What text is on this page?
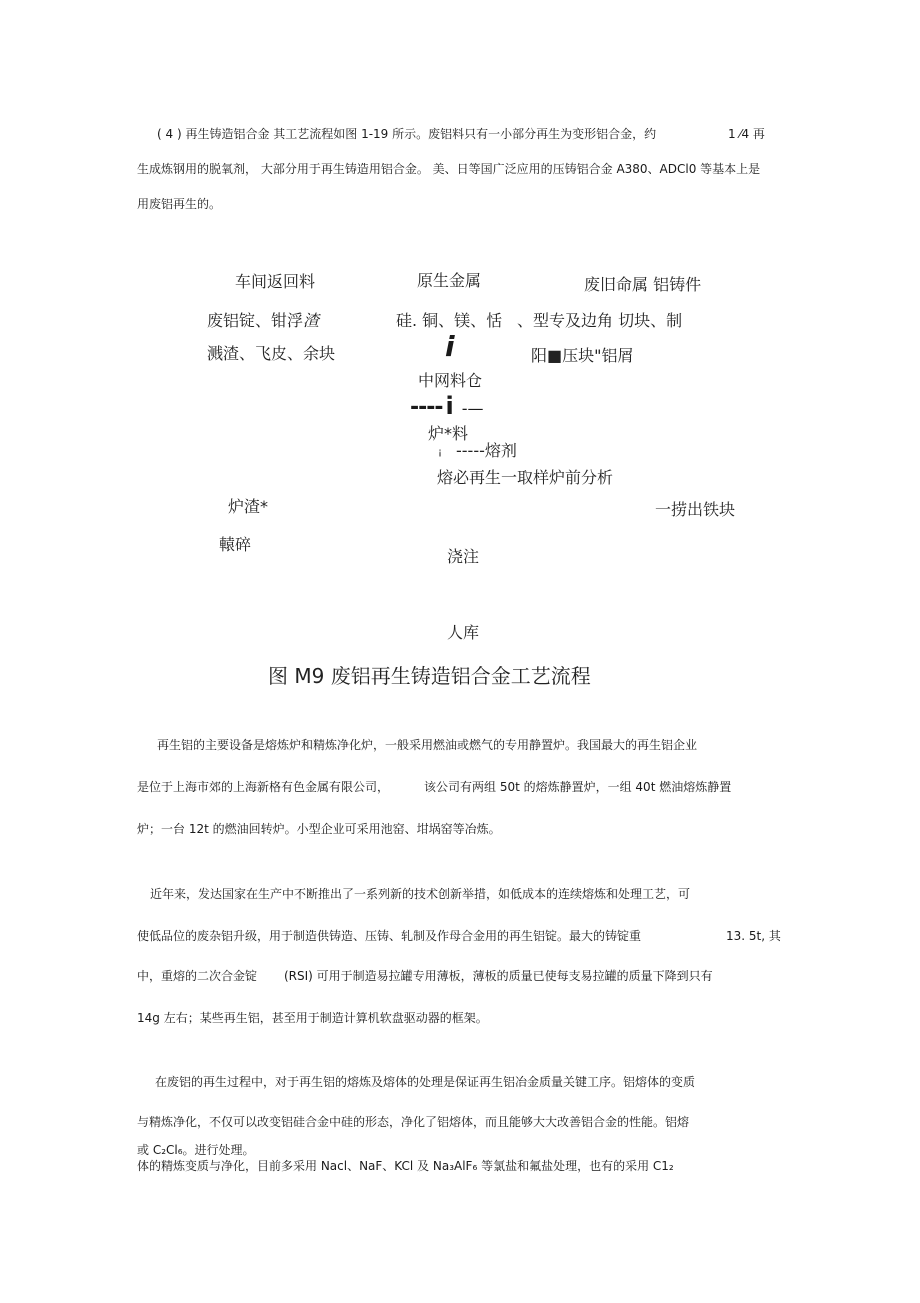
( 4 ) 再生铸造铝合金 其工艺流程如图 1-19 所示。废铝料只有一小部分再生为变形铝合金，约	1 ⁄4 再
生成炼钢用的脱氧剂， 大部分用于再生铸造用铝合金。 美、日等国广泛应用的压铸铝合金 A380、ADCl0 等基本上是
用废铝再生的。
车间返回料	原生金属	废旧命属 铝铸件
废铝锭、钳浮渣	硅. 铜、镁、恬 、型专及边角 切块、制
溅渣、飞皮、余块	i	阳■压块"铝屑
中网料仓
---- i -—
炉*料
¡ -----熔剂
熔必再生一取样炉前分析
炉渣*	一捞出铁块
轅碎
浇注
人库
图 M9 废铝再生铸造铝合金工艺流程
再生铝的主要设备是熔炼炉和精炼净化炉，一般采用燃油或燃气的专用静置炉。我国最大的再生铝企业
是位于上海市郊的上海新格有色金属有限公司，	该公司有两组 50t 的熔炼静置炉，一组 40t 燃油熔炼静置
炉；一台 12t 的燃油回转炉。小型企业可采用池窑、坩埚窑等冶炼。
近年来，发达国家在生产中不断推出了一系列新的技术创新举措，如低成本的连续熔炼和处理工艺，可
使低品位的废杂铝升级，用于制造供铸造、压铸、轧制及作母合金用的再生铝锭。最大的铸锭重	13. 5t, 其
中，重熔的二次合金锭 (RSI) 可用于制造易拉罐专用薄板，薄板的质量已使每支易拉罐的质量下降到只有
14g 左右；某些再生铝，甚至用于制造计算机软盘驱动器的框架。
在废铝的再生过程中，对于再生铝的熔炼及熔体的处理是保证再生铝冶金质量关键工序。铝熔体的变质
与精炼净化，不仅可以改变铝硅合金中硅的形态，净化了铝熔体，而且能够大大改善铝合金的性能。铝熔
或 C₂Cl₆。进行处理。
体的精炼变质与净化，目前多采用 Nacl、NaF、KCl 及 Na₃AlF₆ 等氯盐和氟盐处理，也有的采用 C1₂
